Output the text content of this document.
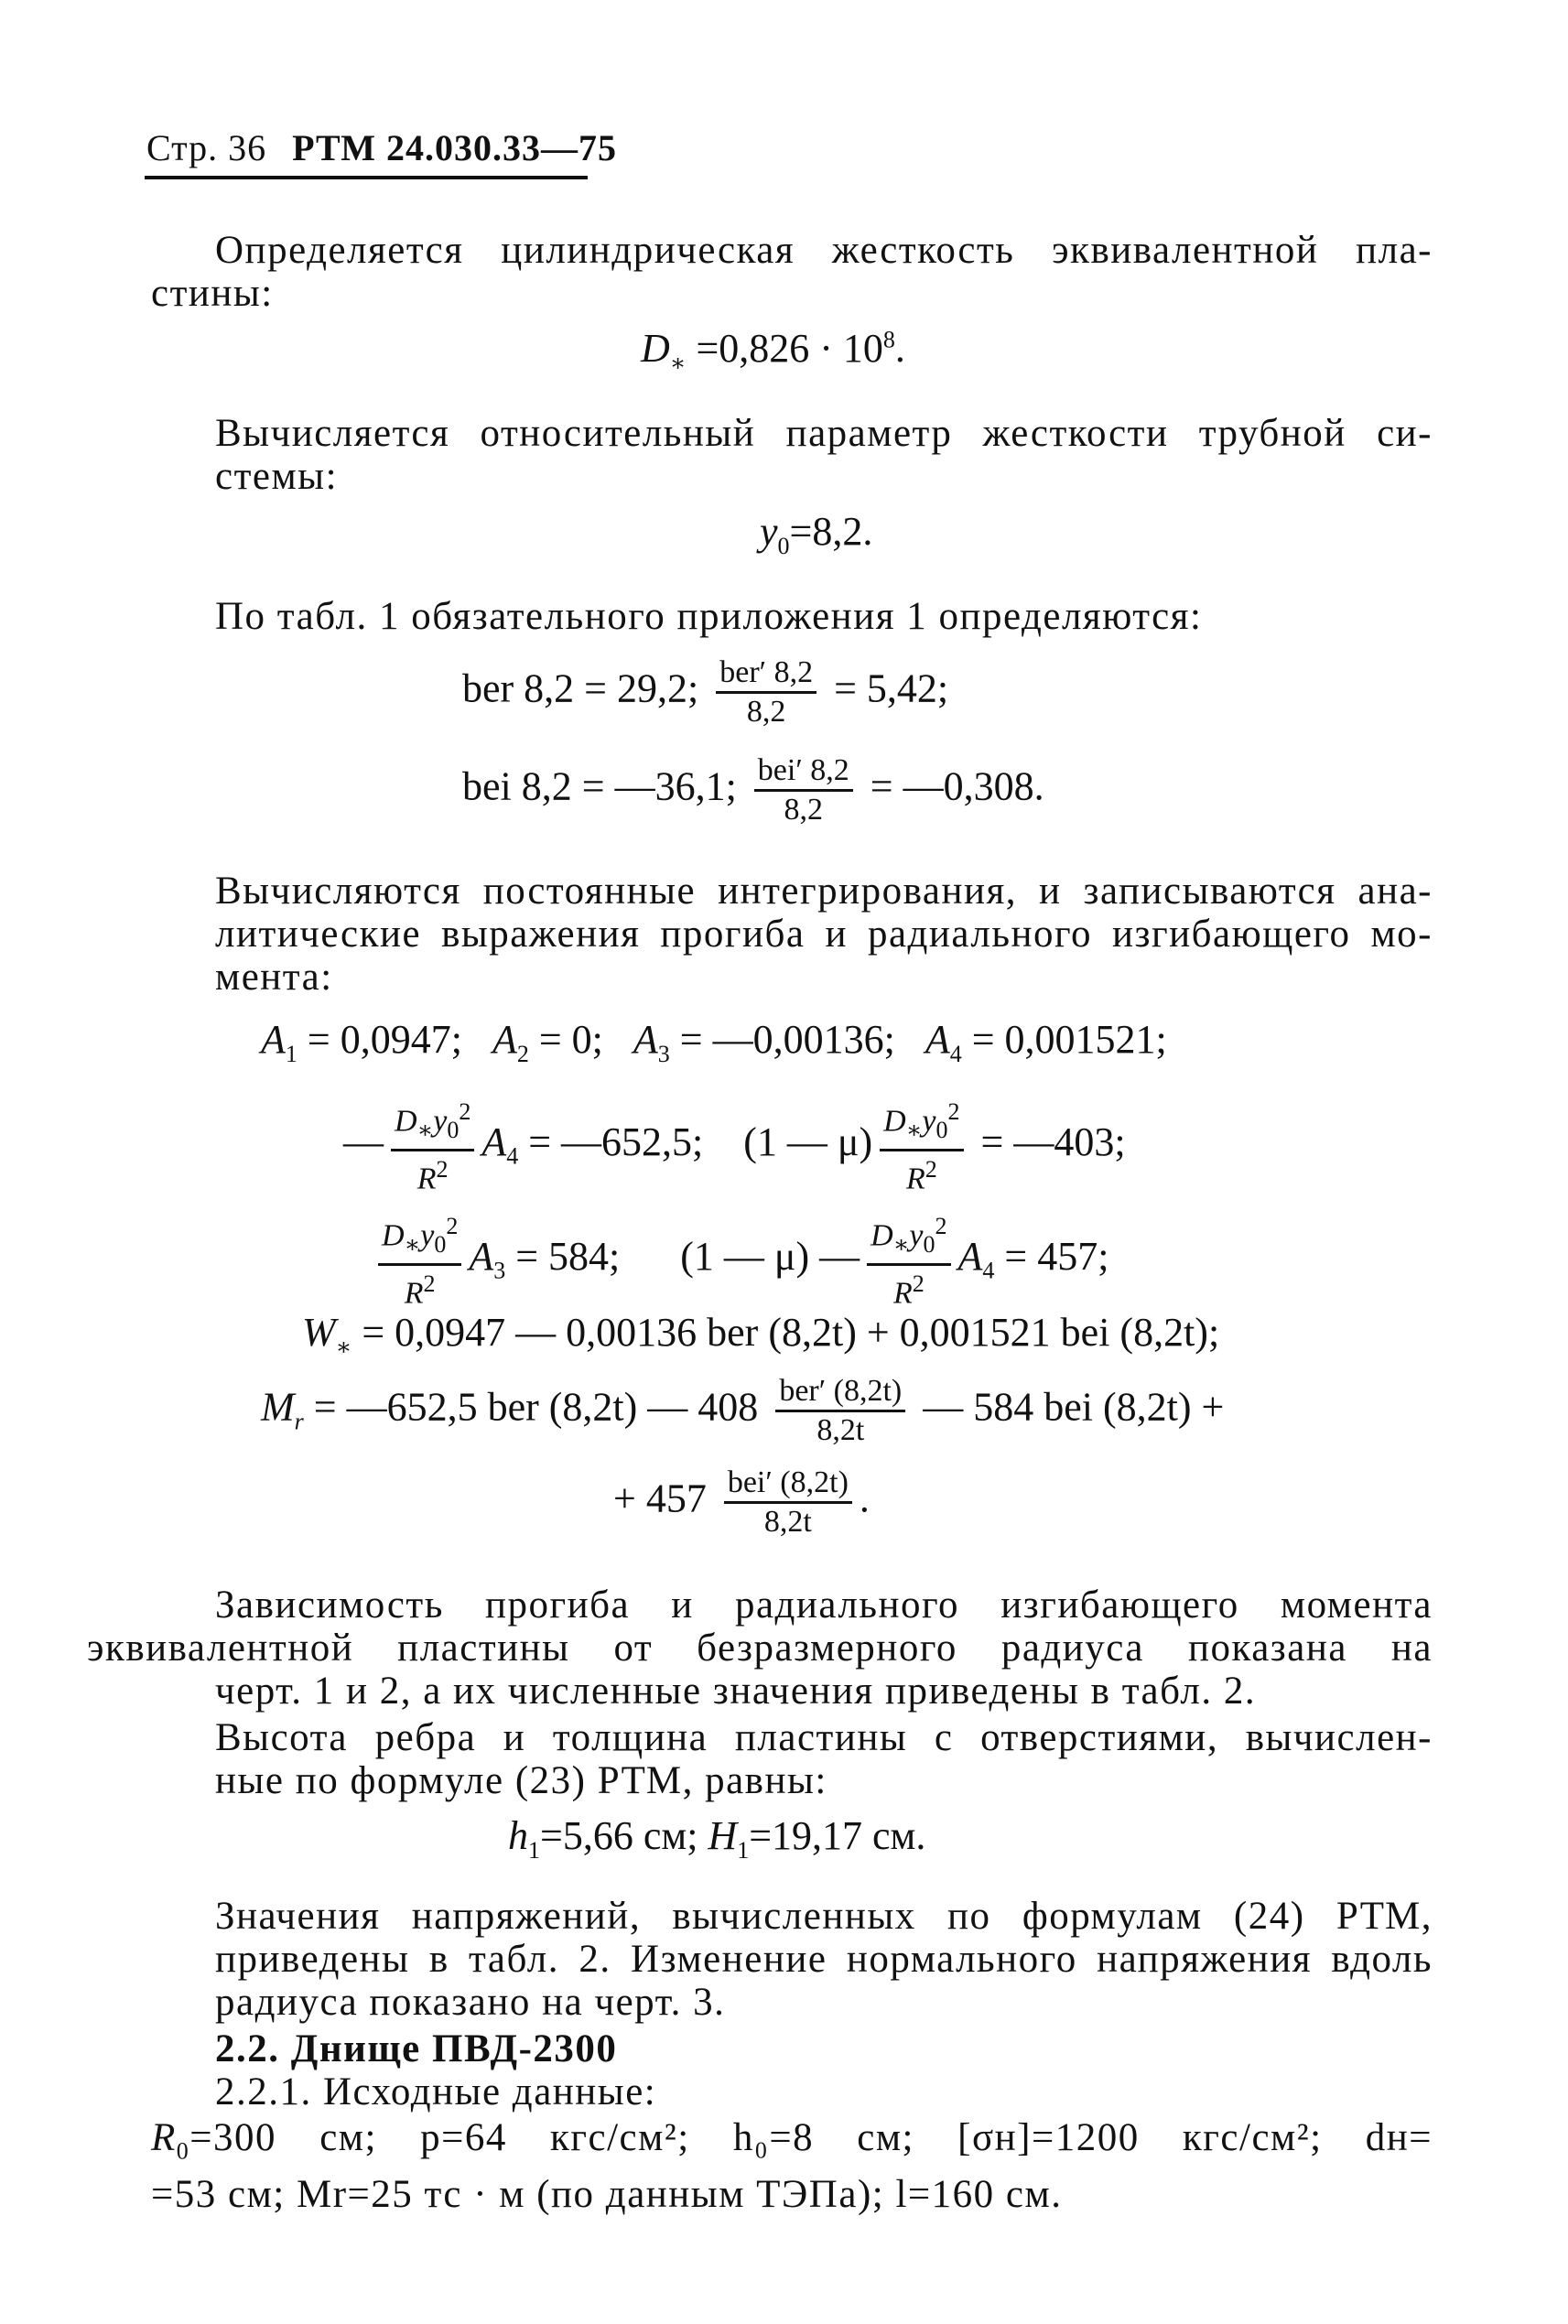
Стр. 36 РТМ 24.030.33—75

Определяется цилиндрическая жесткость эквивалентной пла-
стины:

$D_∗ =0,826 \cdot 10^8$.

Вычисляется относительный параметр жесткости трубной си-
стемы:

$y_0=8,2$.

По табл. 1 обязательного приложения 1 определяются:

ber 8,2 = 29,2; $\frac{\text{ber′ 8,2}}{8,2} = 5,42$;
bei 8,2 = —36,1; $\frac{\text{bei′ 8,2}}{8,2}$ = —0,308.

Вычисляются постоянные интегрирования, и записываются ана-
литические выражения прогиба и радиального изгибающего мо-
мента:

$A_1 = 0,0947$; $A_2 = 0$; $A_3$ = —0,00136; $A_4 = 0,001521$;
— $\frac{D_∗y_0^2}{R^2} A_4$ = —652,5;    (1 — $\mu) \frac{D_∗y_0^2}{R^2}$ = —403;
$\frac{D_∗y_0^2}{R^2} A_3 = 584$;      (1 — μ) — $\frac{D_∗y_0^2}{R^2} A_4 = 457$;
$W_∗ = 0,0947$ — 0,00136 ber (8,2t) + 0,001521 bei (8,2t);
$M_r$ = —652,5 ber (8,2t) — $408 \frac{\text{ber′ (8,2t)}}{8,2t}$ — 584 bei (8,2t) +
+ $457 \frac{\text{bei′ (8,2t)}}{8,2t}$ .

Зависимость прогиба и радиального изгибающего момента
эквивалентной пластины от безразмерного радиуса показана на
черт. 1 и 2, а их численные значения приведены в табл. 2.

Высота ребра и толщина пластины с отверстиями, вычислен-
ные по формуле (23) РТМ, равны:

$h_1=5,66$ см; $H_1=19,17$ см.

Значения напряжений, вычисленных по формулам (24) РТМ,
приведены в табл. 2. Изменение нормального напряжения вдоль
радиуса показано на черт. 3.

2.2. Днище ПВД-2300

2.2.1. Исходные данные:

$R_0=300$ см; p=64 кгс/см²; h₀=8 см; [σн]=1200 кгс/см²; dн=
=53 см; Mr=25 тс · м (по данным ТЭПа); l=160 см.
